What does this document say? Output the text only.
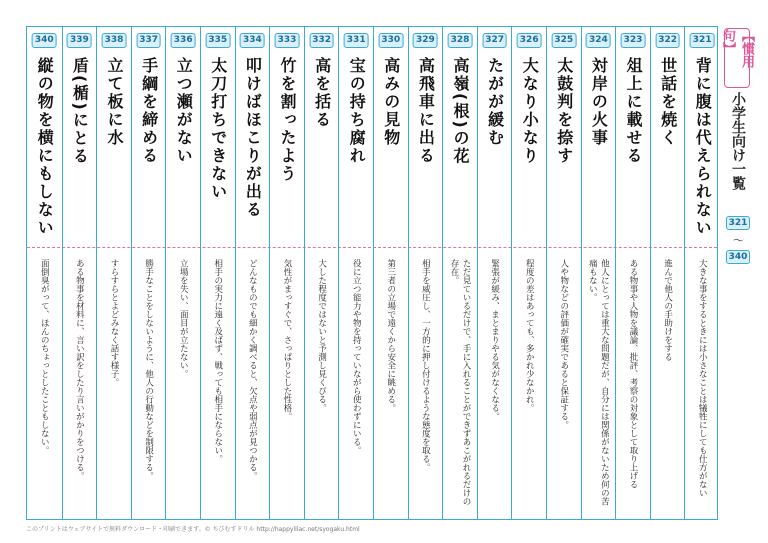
【慣用句】
小学生向け一覧
321
〜
340
321
背に腹は代えられない
大きな事をするときには小さなことは犠牲にしても仕方がない
322
世話を焼く
進んで他人の手助けをする
323
俎上に載せる
ある物事や人物を議論、批評、考察の対象として取り上げる
324
対岸の火事
他人にとっては重大な問題だが、自分には関係がないため何の苦痛もない。
325
太鼓判を捺す
人や物などの評価が確実であると保証する。
326
大なり小なり
程度の差はあっても、多かれ少なかれ。
327
たがが緩む
緊張が緩み、まとまりやる気がなくなる。
328
高嶺(根)の花
ただ見ているだけで、手に入れることができずあこがれるだけの存在。
329
高飛車に出る
相手を威圧し、一方的に押し付けるような態度を取る。
330
高みの見物
第三者の立場で遠くから安全に眺める。
331
宝の持ち腐れ
役に立つ能力や物を持っていながら使わずにいる。
332
高を括る
大した程度ではないと予測し見くびる。
333
竹を割ったよう
気性がまっすぐで、さっぱりとした性格。
334
叩けばほこりが出る
どんなものでも細かく調べると、欠点や弱点が見つかる。
335
太刀打ちできない
相手の実力に遠く及ばず、戦っても相手にならない。
336
立つ瀬がない
立場を失い、面目が立たない。
337
手綱を締める
勝手なことをしないように、他人の行動などを制限する。
338
立て板に水
すらすらとよどみなく話す様子。
339
盾(楯)にとる
ある物事を材料に、言い訳をしたり言いがかりをつける。
340
縦の物を横にもしない
面倒臭がって、ほんのちょっとしたこともしない。
このプリントはウェブサイトで無料ダウンロード・印刷できます。© ちびむすドリル http://happylilac.net/syogaku.html
